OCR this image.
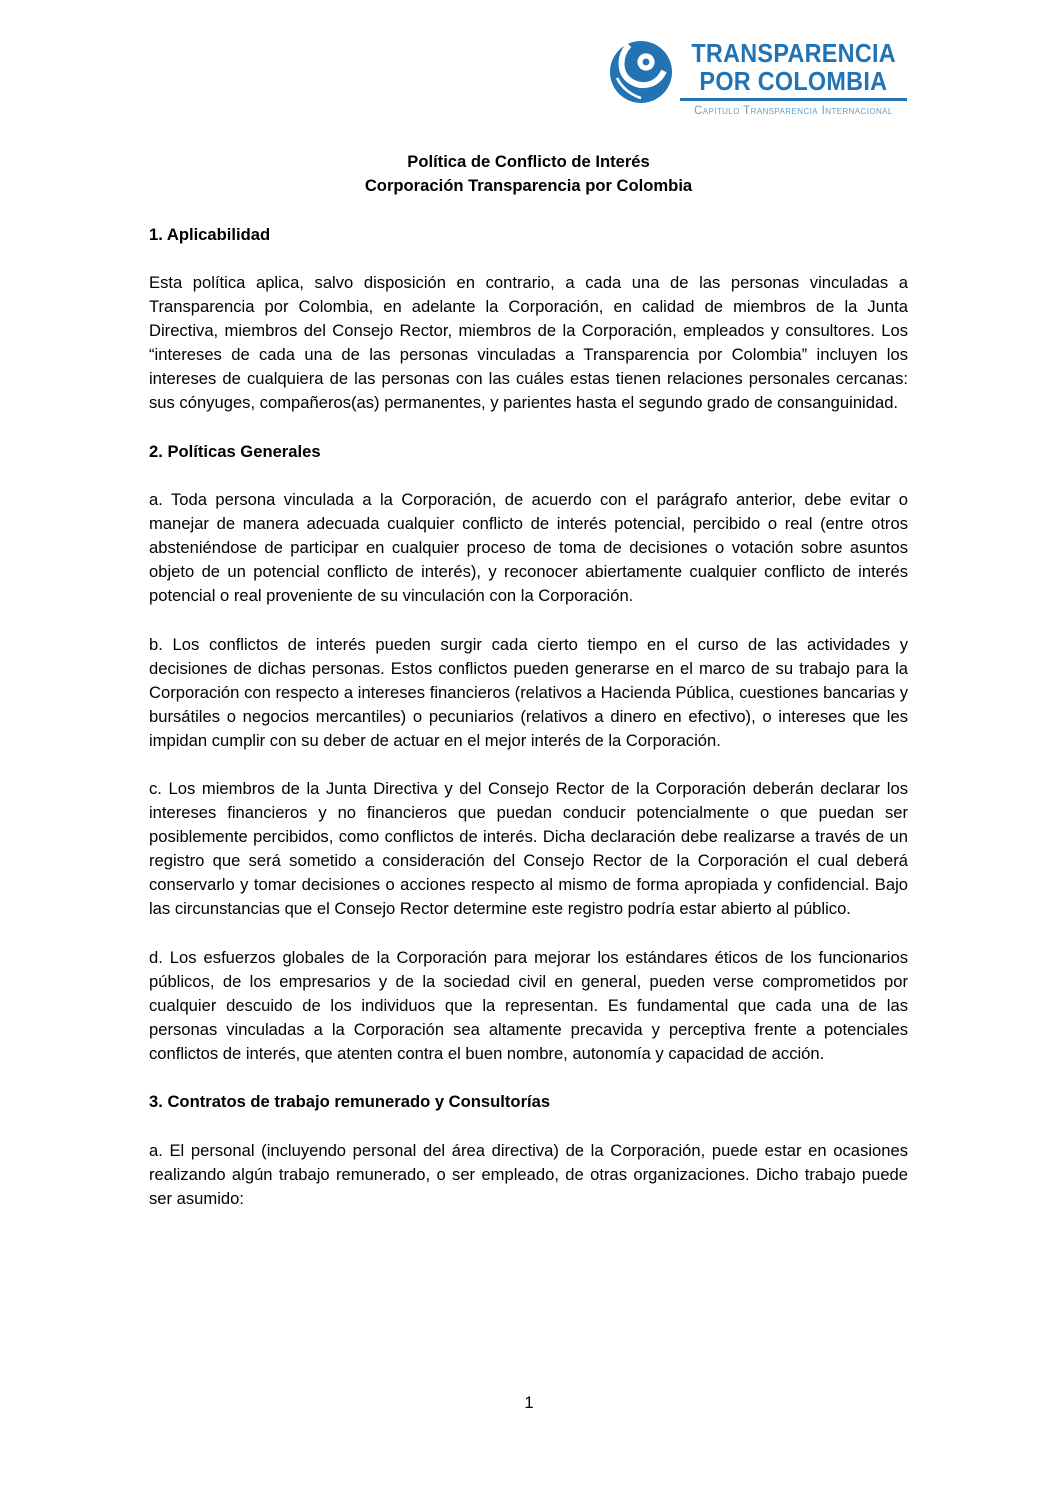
TRANSPARENCIA
POR COLOMBIA
Capítulo Transparencia Internacional
Política de Conflicto de Interés
Corporación Transparencia por Colombia
1. Aplicabilidad

Esta política aplica, salvo disposición en contrario, a cada una de las personas vinculadas a Transparencia por Colombia, en adelante la Corporación, en calidad de miembros de la Junta Directiva, miembros del Consejo Rector, miembros de la Corporación, empleados y consultores. Los “intereses de cada una de las personas vinculadas a Transparencia por Colombia” incluyen los intereses de cualquiera de las personas con las cuáles estas tienen relaciones personales cercanas: sus cónyuges, compañeros(as) permanentes, y parientes hasta el segundo grado de consanguinidad.

2. Políticas Generales

a. Toda persona vinculada a la Corporación, de acuerdo con el parágrafo anterior, debe evitar o manejar de manera adecuada cualquier conflicto de interés potencial, percibido o real (entre otros absteniéndose de participar en cualquier proceso de toma de decisiones o votación sobre asuntos objeto de un potencial conflicto de interés), y reconocer abiertamente cualquier conflicto de interés potencial o real proveniente de su vinculación con la Corporación.

b. Los conflictos de interés pueden surgir cada cierto tiempo en el curso de las actividades y decisiones de dichas personas. Estos conflictos pueden generarse en el marco de su trabajo para la Corporación con respecto a intereses financieros (relativos a Hacienda Pública, cuestiones bancarias y bursátiles o negocios mercantiles) o pecuniarios (relativos a dinero en efectivo), o intereses que les impidan cumplir con su deber de actuar en el mejor interés de la Corporación.

c. Los miembros de la Junta Directiva y del Consejo Rector de la Corporación deberán declarar los intereses financieros y no financieros que puedan conducir potencialmente o que puedan ser posiblemente percibidos, como conflictos de interés. Dicha declaración debe realizarse a través de un registro que será sometido a consideración del Consejo Rector de la Corporación el cual deberá conservarlo y tomar decisiones o acciones respecto al mismo de forma apropiada y confidencial. Bajo las circunstancias que el Consejo Rector determine este registro podría estar abierto al público.

d. Los esfuerzos globales de la Corporación para mejorar los estándares éticos de los funcionarios públicos, de los empresarios y de la sociedad civil en general, pueden verse comprometidos por cualquier descuido de los individuos que la representan. Es fundamental que cada una de las personas vinculadas a la Corporación sea altamente precavida y perceptiva frente a potenciales conflictos de interés, que atenten contra el buen nombre, autonomía y capacidad de acción.

3. Contratos de trabajo remunerado y Consultorías

a. El personal (incluyendo personal del área directiva) de la Corporación, puede estar en ocasiones realizando algún trabajo remunerado, o ser empleado, de otras organizaciones. Dicho trabajo puede ser asumido:

1
